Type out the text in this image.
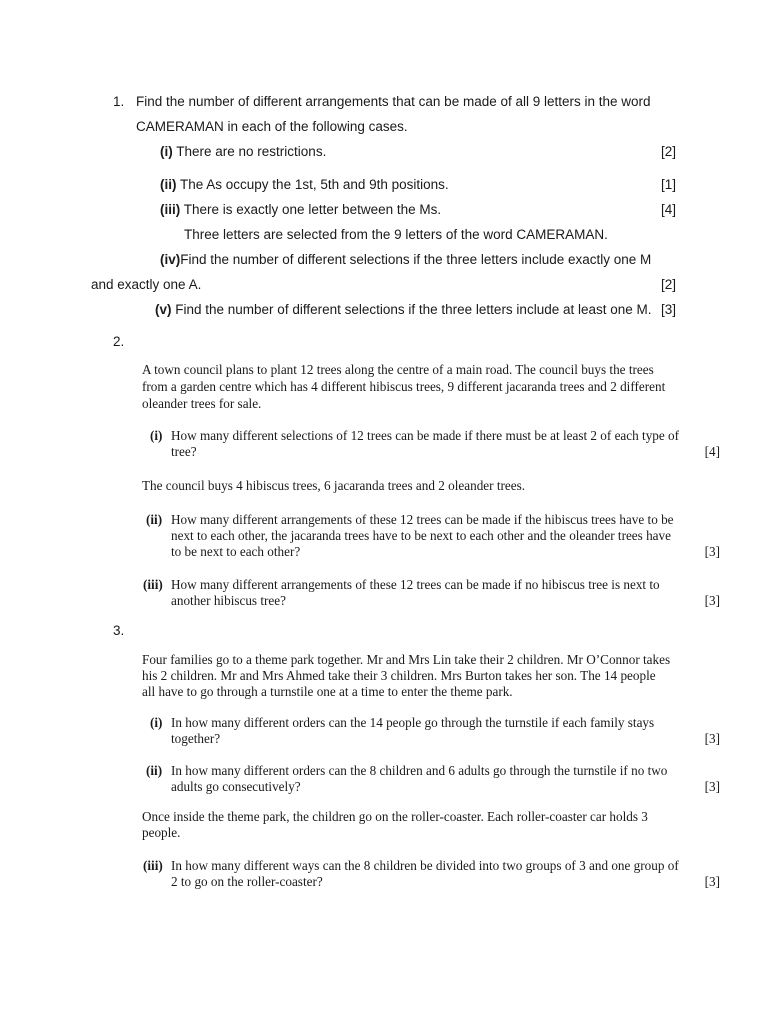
1. Find the number of different arrangements that can be made of all 9 letters in the word
CAMERAMAN in each of the following cases.
(i) There are no restrictions.	[2]
(ii) The As occupy the 1st, 5th and 9th positions.	[1]
(iii) There is exactly one letter between the Ms.	[4]
Three letters are selected from the 9 letters of the word CAMERAMAN.
(iv)Find the number of different selections if the three letters include exactly one M
and exactly one A.	[2]
(v) Find the number of different selections if the three letters include at least one M. [3]
2.
A town council plans to plant 12 trees along the centre of a main road. The council buys the trees
from a garden centre which has 4 different hibiscus trees, 9 different jacaranda trees and 2 different
oleander trees for sale.
(i) How many different selections of 12 trees can be made if there must be at least 2 of each type of
tree?	[4]
The council buys 4 hibiscus trees, 6 jacaranda trees and 2 oleander trees.
(ii) How many different arrangements of these 12 trees can be made if the hibiscus trees have to be
next to each other, the jacaranda trees have to be next to each other and the oleander trees have
to be next to each other?	[3]
(iii) How many different arrangements of these 12 trees can be made if no hibiscus tree is next to
another hibiscus tree?	[3]
3.
Four families go to a theme park together. Mr and Mrs Lin take their 2 children. Mr O’Connor takes
his 2 children. Mr and Mrs Ahmed take their 3 children. Mrs Burton takes her son. The 14 people
all have to go through a turnstile one at a time to enter the theme park.
(i) In how many different orders can the 14 people go through the turnstile if each family stays
together?	[3]
(ii) In how many different orders can the 8 children and 6 adults go through the turnstile if no two
adults go consecutively?	[3]
Once inside the theme park, the children go on the roller-coaster. Each roller-coaster car holds 3
people.
(iii) In how many different ways can the 8 children be divided into two groups of 3 and one group of
2 to go on the roller-coaster?	[3]
